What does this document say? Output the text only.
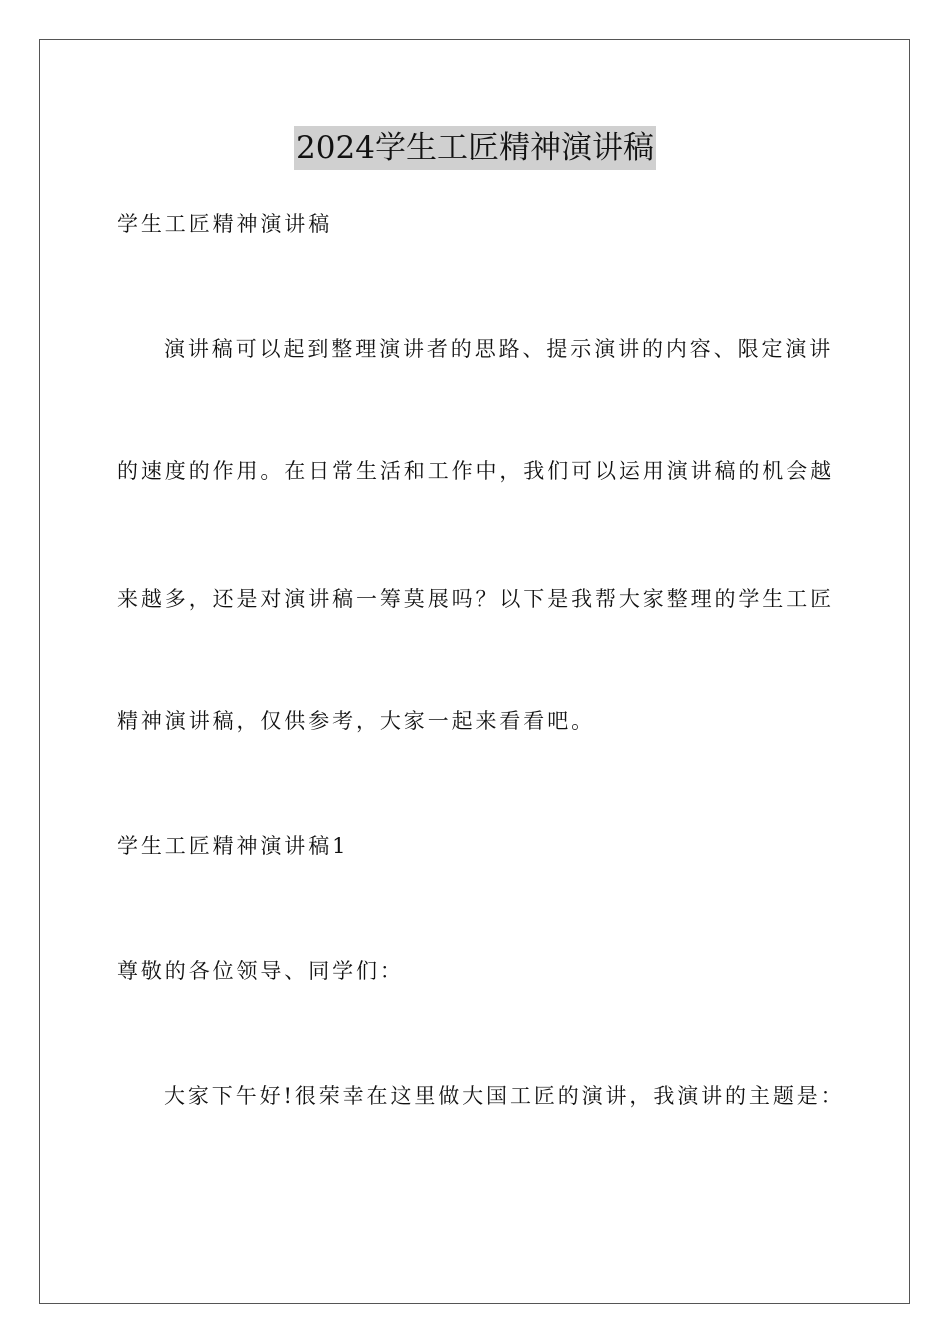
2024学生工匠精神演讲稿
学生工匠精神演讲稿
演讲稿可以起到整理演讲者的思路、提示演讲的内容、限定演讲
的速度的作用。在日常生活和工作中，我们可以运用演讲稿的机会越
来越多，还是对演讲稿一筹莫展吗？以下是我帮大家整理的学生工匠
精神演讲稿，仅供参考，大家一起来看看吧。
学生工匠精神演讲稿1
尊敬的各位领导、同学们：
大家下午好!很荣幸在这里做大国工匠的演讲，我演讲的主题是：
